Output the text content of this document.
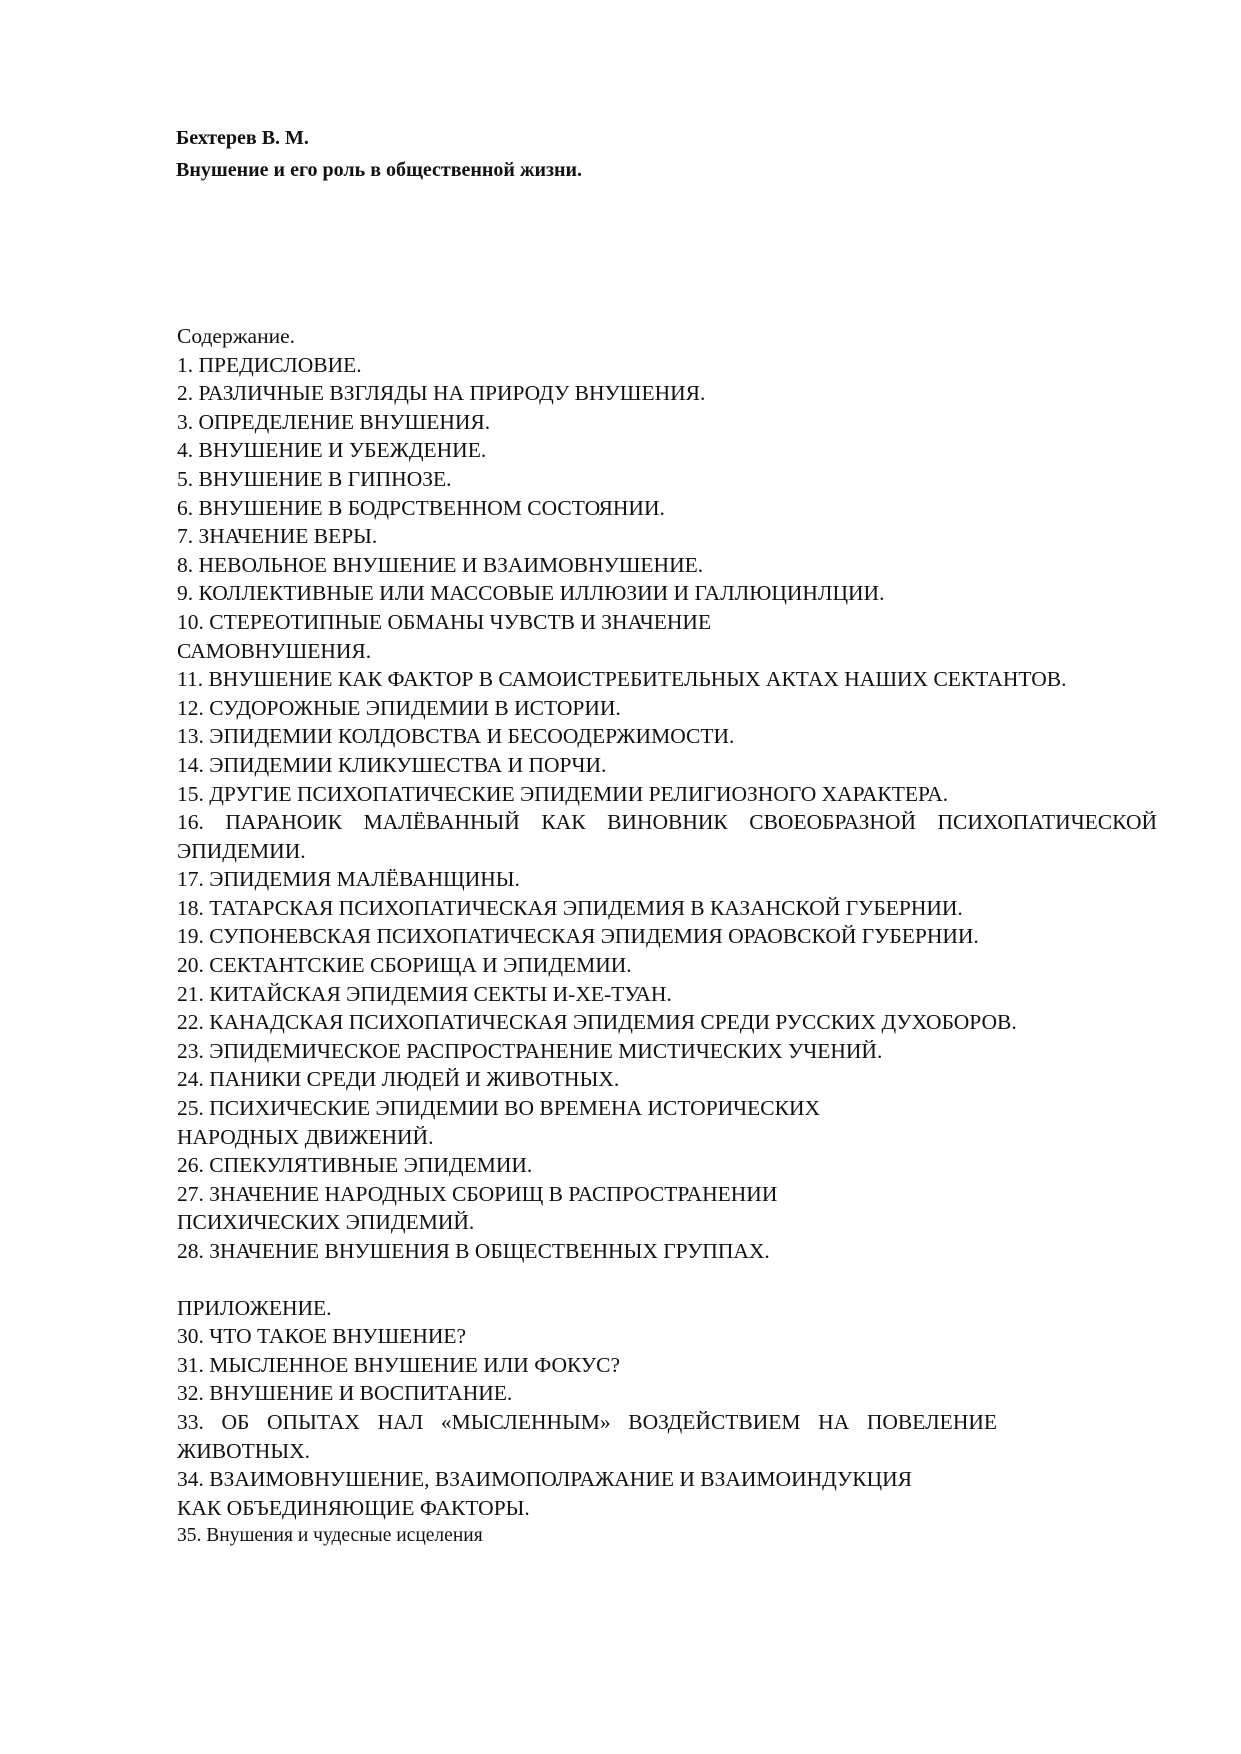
Бехтерев В. М.
Внушение и его роль в общественной жизни.
Содержание.
1. ПРЕДИСЛОВИЕ.
2. РАЗЛИЧНЫЕ ВЗГЛЯДЫ НА ПРИРОДУ ВНУШЕНИЯ.
3. ОПРЕДЕЛЕНИЕ ВНУШЕНИЯ.
4. ВНУШЕНИЕ И УБЕЖДЕНИЕ.
5. ВНУШЕНИЕ В ГИПНОЗЕ.
6. ВНУШЕНИЕ В БОДРСТВЕННОМ СОСТОЯНИИ.
7. ЗНАЧЕНИЕ ВЕРЫ.
8. НЕВОЛЬНОЕ ВНУШЕНИЕ И ВЗАИМОВНУШЕНИЕ.
9. КОЛЛЕКТИВНЫЕ ИЛИ МАССОВЫЕ ИЛЛЮЗИИ И ГАЛЛЮЦИНЛЦИИ.
10. СТЕРЕОТИПНЫЕ ОБМАНЫ ЧУВСТВ И ЗНАЧЕНИЕ
САМОВНУШЕНИЯ.
11. ВНУШЕНИЕ КАК ФАКТОР В САМОИСТРЕБИТЕЛЬНЫХ АКТАХ НАШИХ СЕКТАНТОВ.
12. СУДОРОЖНЫЕ ЭПИДЕМИИ В ИСТОРИИ.
13. ЭПИДЕМИИ КОЛДОВСТВА И БЕСООДЕРЖИМОСТИ.
14. ЭПИДЕМИИ КЛИКУШЕСТВА И ПОРЧИ.
15. ДРУГИЕ ПСИХОПАТИЧЕСКИЕ ЭПИДЕМИИ РЕЛИГИОЗНОГО ХАРАКТЕРА.
16. ПАРАНОИК МАЛЁВАННЫЙ КАК ВИНОВНИК СВОЕОБРАЗНОЙ ПСИХОПАТИЧЕСКОЙ ЭПИДЕМИИ.
17. ЭПИДЕМИЯ МАЛЁВАНЩИНЫ.
18. ТАТАРСКАЯ ПСИХОПАТИЧЕСКАЯ ЭПИДЕМИЯ В КАЗАНСКОЙ ГУБЕРНИИ.
19. СУПОНЕВСКАЯ ПСИХОПАТИЧЕСКАЯ ЭПИДЕМИЯ ОРАОВСКОЙ ГУБЕРНИИ.
20. СЕКТАНТСКИЕ СБОРИЩА И ЭПИДЕМИИ.
21. КИТАЙСКАЯ ЭПИДЕМИЯ СЕКТЫ И-ХЕ-ТУАН.
22. КАНАДСКАЯ ПСИХОПАТИЧЕСКАЯ ЭПИДЕМИЯ СРЕДИ РУССКИХ ДУХОБОРОВ.
23. ЭПИДЕМИЧЕСКОЕ РАСПРОСТРАНЕНИЕ МИСТИЧЕСКИХ УЧЕНИЙ.
24. ПАНИКИ СРЕДИ ЛЮДЕЙ И ЖИВОТНЫХ.
25. ПСИХИЧЕСКИЕ ЭПИДЕМИИ ВО ВРЕМЕНА ИСТОРИЧЕСКИХ
НАРОДНЫХ ДВИЖЕНИЙ.
26. СПЕКУЛЯТИВНЫЕ ЭПИДЕМИИ.
27. ЗНАЧЕНИЕ НАРОДНЫХ СБОРИЩ В РАСПРОСТРАНЕНИИ
ПСИХИЧЕСКИХ ЭПИДЕМИЙ.
28. ЗНАЧЕНИЕ ВНУШЕНИЯ В ОБЩЕСТВЕННЫХ ГРУППАХ.
ПРИЛОЖЕНИЕ.
30. ЧТО ТАКОЕ ВНУШЕНИЕ?
31. МЫСЛЕННОЕ ВНУШЕНИЕ ИЛИ ФОКУС?
32. ВНУШЕНИЕ И ВОСПИТАНИЕ.
33. ОБ ОПЫТАХ НАЛ «МЫСЛЕННЫМ» ВОЗДЕЙСТВИЕМ НА ПОВЕЛЕНИЕ ЖИВОТНЫХ.
34. ВЗАИМОВНУШЕНИЕ, ВЗАИМОПОЛРАЖАНИЕ И ВЗАИМОИНДУКЦИЯ
КАК ОБЪЕДИНЯЮЩИЕ ФАКТОРЫ.
35. Внушения и чудесные исцеления
